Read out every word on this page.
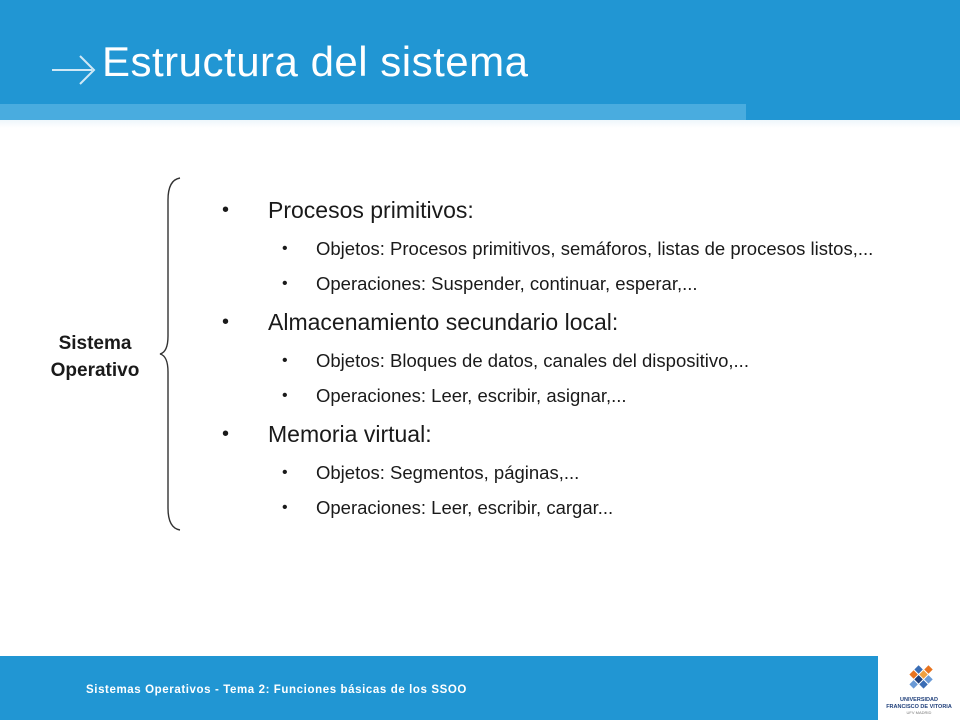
Estructura del sistema
Sistema
Operativo
• Procesos primitivos:
• Objetos: Procesos primitivos, semáforos, listas de procesos listos,...
• Operaciones: Suspender, continuar, esperar,...
• Almacenamiento secundario local:
• Objetos: Bloques de datos, canales del dispositivo,...
• Operaciones: Leer, escribir, asignar,...
• Memoria virtual:
• Objetos: Segmentos, páginas,...
• Operaciones: Leer, escribir, cargar...
Sistemas Operativos - Tema 2: Funciones básicas de los SSOO
UNIVERSIDAD
FRANCISCO DE VITORIA
UFV MADRID
